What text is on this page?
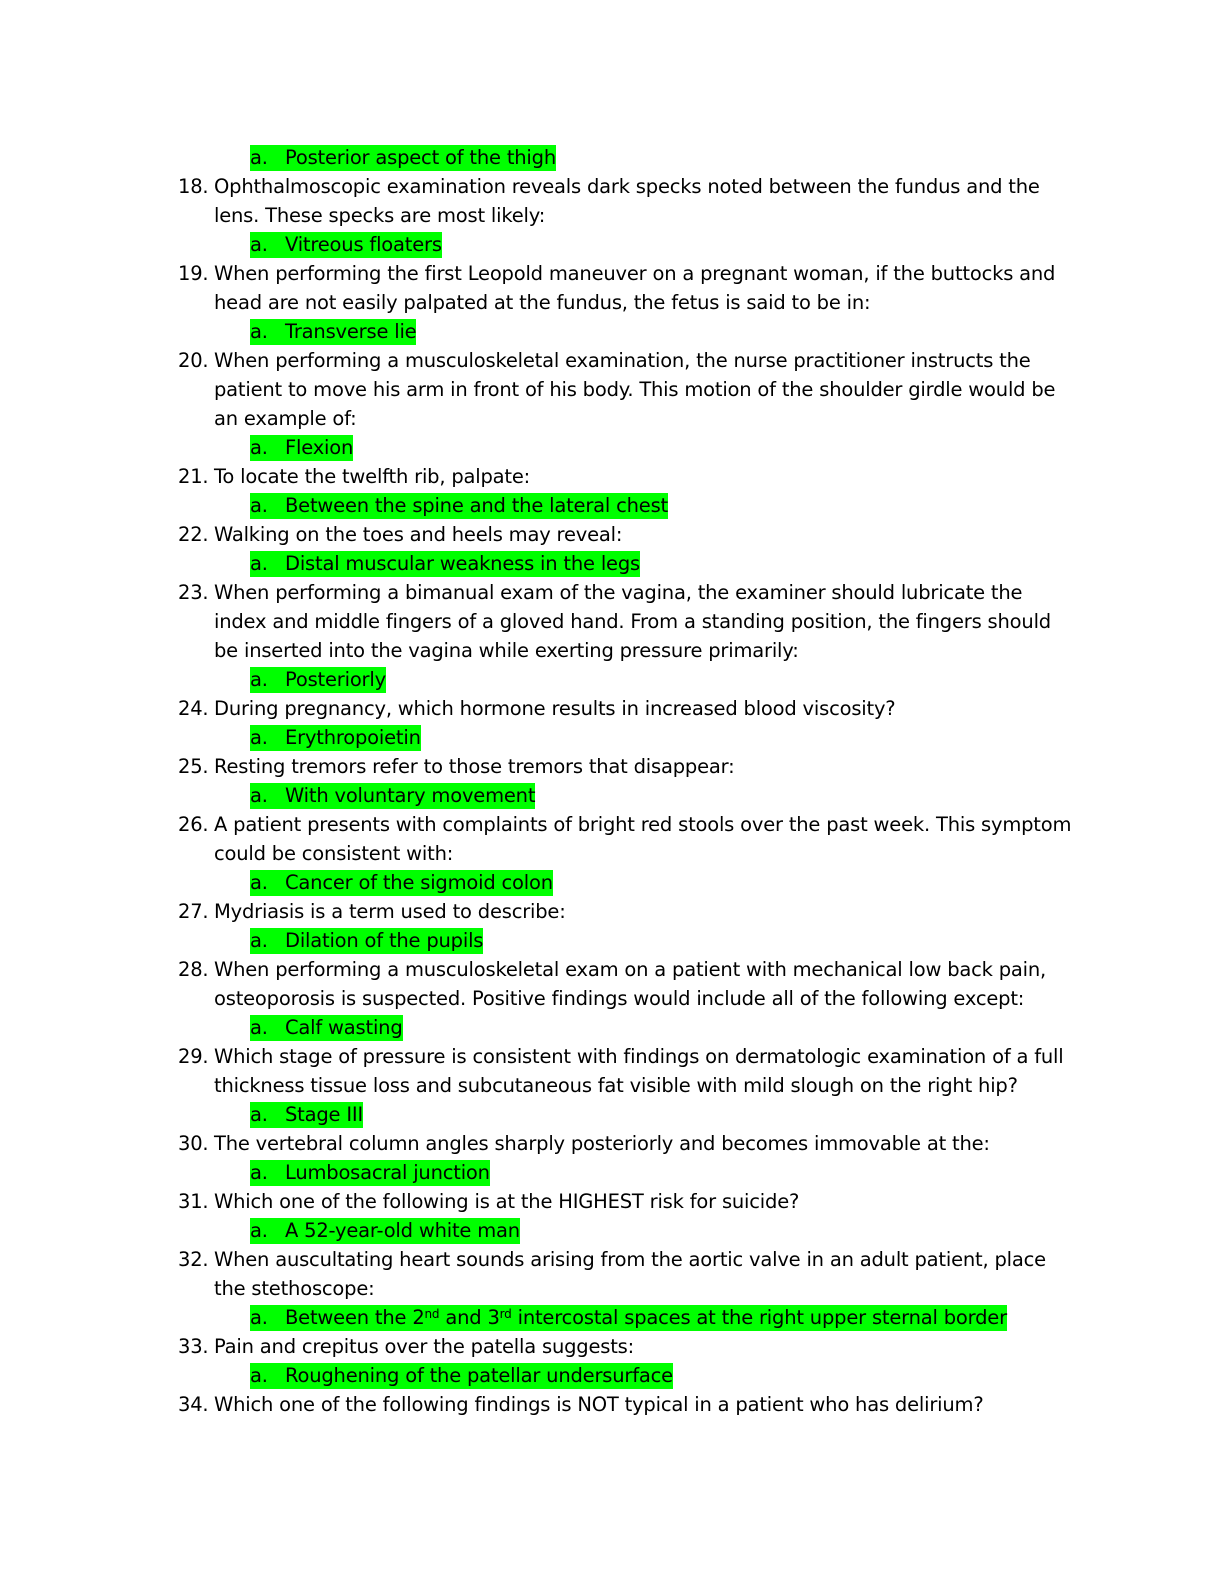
a. Posterior aspect of the thigh
18. Ophthalmoscopic examination reveals dark specks noted between the fundus and the lens. These specks are most likely:
a. Vitreous floaters
19. When performing the first Leopold maneuver on a pregnant woman, if the buttocks and head are not easily palpated at the fundus, the fetus is said to be in:
a. Transverse lie
20. When performing a musculoskeletal examination, the nurse practitioner instructs the patient to move his arm in front of his body. This motion of the shoulder girdle would be an example of:
a. Flexion
21. To locate the twelfth rib, palpate:
a. Between the spine and the lateral chest
22. Walking on the toes and heels may reveal:
a. Distal muscular weakness in the legs
23. When performing a bimanual exam of the vagina, the examiner should lubricate the index and middle fingers of a gloved hand. From a standing position, the fingers should be inserted into the vagina while exerting pressure primarily:
a. Posteriorly
24. During pregnancy, which hormone results in increased blood viscosity?
a. Erythropoietin
25. Resting tremors refer to those tremors that disappear:
a. With voluntary movement
26. A patient presents with complaints of bright red stools over the past week. This symptom could be consistent with:
a. Cancer of the sigmoid colon
27. Mydriasis is a term used to describe:
a. Dilation of the pupils
28. When performing a musculoskeletal exam on a patient with mechanical low back pain, osteoporosis is suspected. Positive findings would include all of the following except:
a. Calf wasting
29. Which stage of pressure is consistent with findings on dermatologic examination of a full thickness tissue loss and subcutaneous fat visible with mild slough on the right hip?
a. Stage III
30. The vertebral column angles sharply posteriorly and becomes immovable at the:
a. Lumbosacral junction
31. Which one of the following is at the HIGHEST risk for suicide?
a. A 52-year-old white man
32. When auscultating heart sounds arising from the aortic valve in an adult patient, place the stethoscope:
a. Between the 2nd and 3rd intercostal spaces at the right upper sternal border
33. Pain and crepitus over the patella suggests:
a. Roughening of the patellar undersurface
34. Which one of the following findings is NOT typical in a patient who has delirium?
